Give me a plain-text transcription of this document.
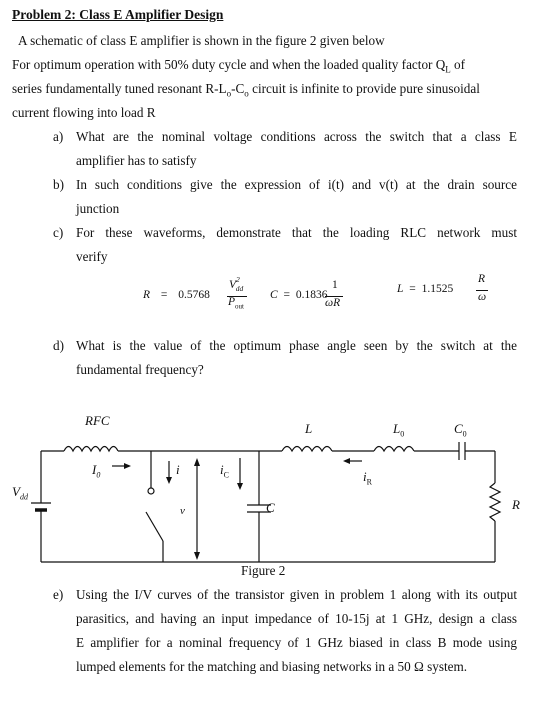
Problem 2: Class E Amplifier Design
A schematic of class E amplifier is shown in the figure 2 given below
For optimum operation with 50% duty cycle and when the loaded quality factor $Q_L$ of
series fundamentally tuned resonant $R-L_o-C_o$ circuit is infinite to provide pure sinusoidal
current flowing into load R
a) What are the nominal voltage conditions across the switch that a class E
amplifier has to satisfy
b) In such conditions give the expression of i(t) and v(t) at the drain source
junction
c) For these waveforms, demonstrate that the loading RLC network must
verify
R = 0.5768
$V^2_{dd}$
$P_{out}$
C = 0.1836
1
ωR
L = 1.1525
R
ω
d) What is the value of the optimum phase angle seen by the switch at the
fundamental frequency?
RFC
$I_0$	i	$i_C$
v	C
L	$L_0$	$C_0$
$i_R$
R
$V_{dd}$
Figure 2
e) Using the I/V curves of the transistor given in problem 1 along with its output
parasitics, and having an input impedance of 10-15j at 1 GHz, design a class
E amplifier for a nominal frequency of 1 GHz biased in class B mode using
lumped elements for the matching and biasing networks in a 50 Ω system.
